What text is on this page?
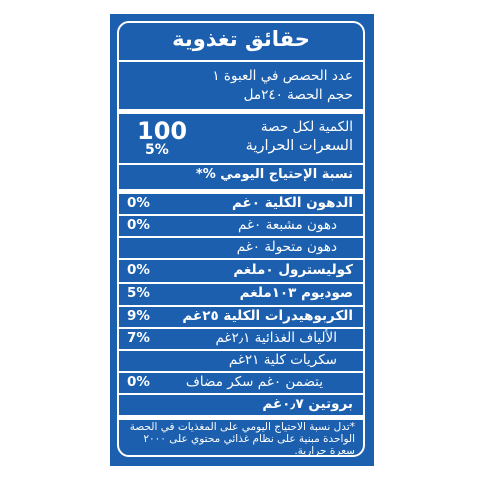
حقائق تغذوية
عدد الحصص في العبوة ١
حجم الحصة ٢٤٠مل
الكمية لكل حصة
السعرات الحرارية
100
5%
نسبة الإحتياج اليومي %*
الدهون الكلية ٠غم
0%
دهون مشبعة ٠غم
0%
دهون متحولة ٠غم
كوليسترول ٠ملغم
0%
صوديوم ١٠٣ملغم
5%
الكربوهيدرات الكلية ٢٥غم
9%
الألياف الغذائية ٢٫١غم
7%
سكريات كلية ٢١غم
يتضمن ٠غم سكر مضاف
0%
بروتين ٠٫٧غم
*تدل نسبة الاحتياج اليومي على المغذيات في الحصة الواحدة مبنية على نظام غذائي محتوي على ٢٠٠٠ سعرة حرارية.
